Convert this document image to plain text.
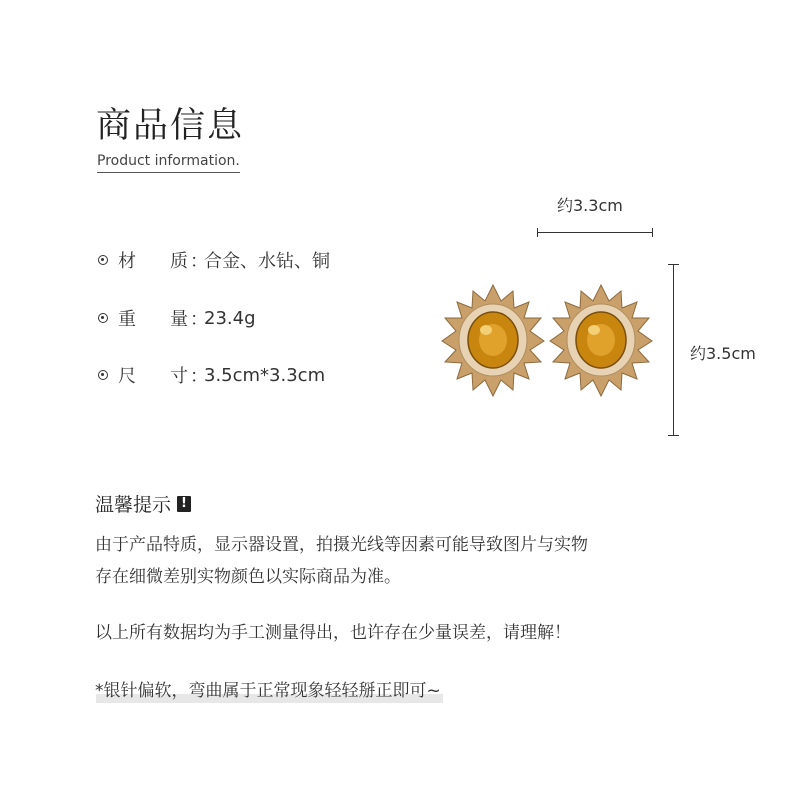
商品信息
Product information.
材	质 ：
合金、水钻、铜
重	量 ：
23.4g
尺	寸 ：
3.5cm*3.3cm
约3.3cm
约3.5cm
温馨提示 !
由于产品特质，显示器设置，拍摄光线等因素可能导致图片与实物
存在细微差别实物颜色以实际商品为准。
以上所有数据均为手工测量得出，也许存在少量误差，请理解！
*银针偏软，弯曲属于正常现象轻轻掰正即可~
